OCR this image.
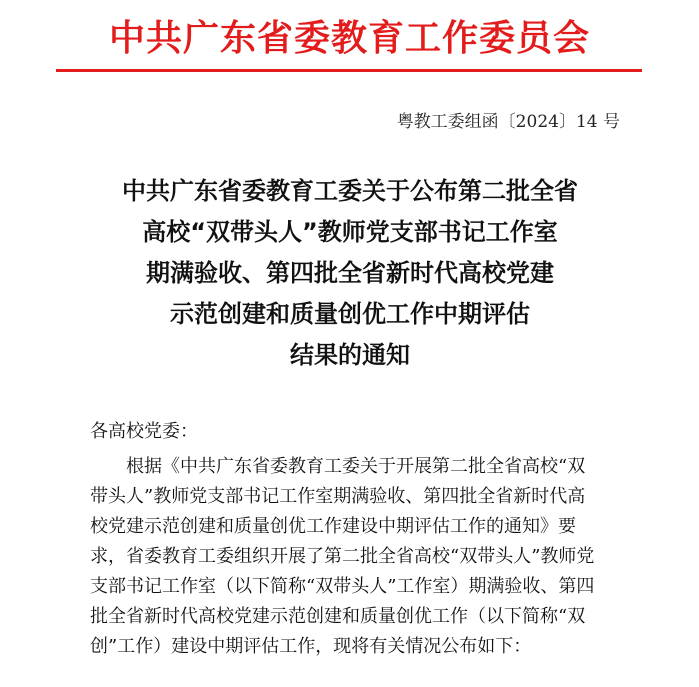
中共广东省委教育工作委员会
粤教工委组函〔2024〕14 号
中共广东省委教育工委关于公布第二批全省
高校“双带头人”教师党支部书记工作室
期满验收、第四批全省新时代高校党建
示范创建和质量创优工作中期评估
结果的通知
各高校党委：
根据《中共广东省委教育工委关于开展第二批全省高校“双
带头人”教师党支部书记工作室期满验收、第四批全省新时代高
校党建示范创建和质量创优工作建设中期评估工作的通知》要
求，省委教育工委组织开展了第二批全省高校“双带头人”教师党
支部书记工作室（以下简称“双带头人”工作室）期满验收、第四
批全省新时代高校党建示范创建和质量创优工作（以下简称“双
创”工作）建设中期评估工作，现将有关情况公布如下：
